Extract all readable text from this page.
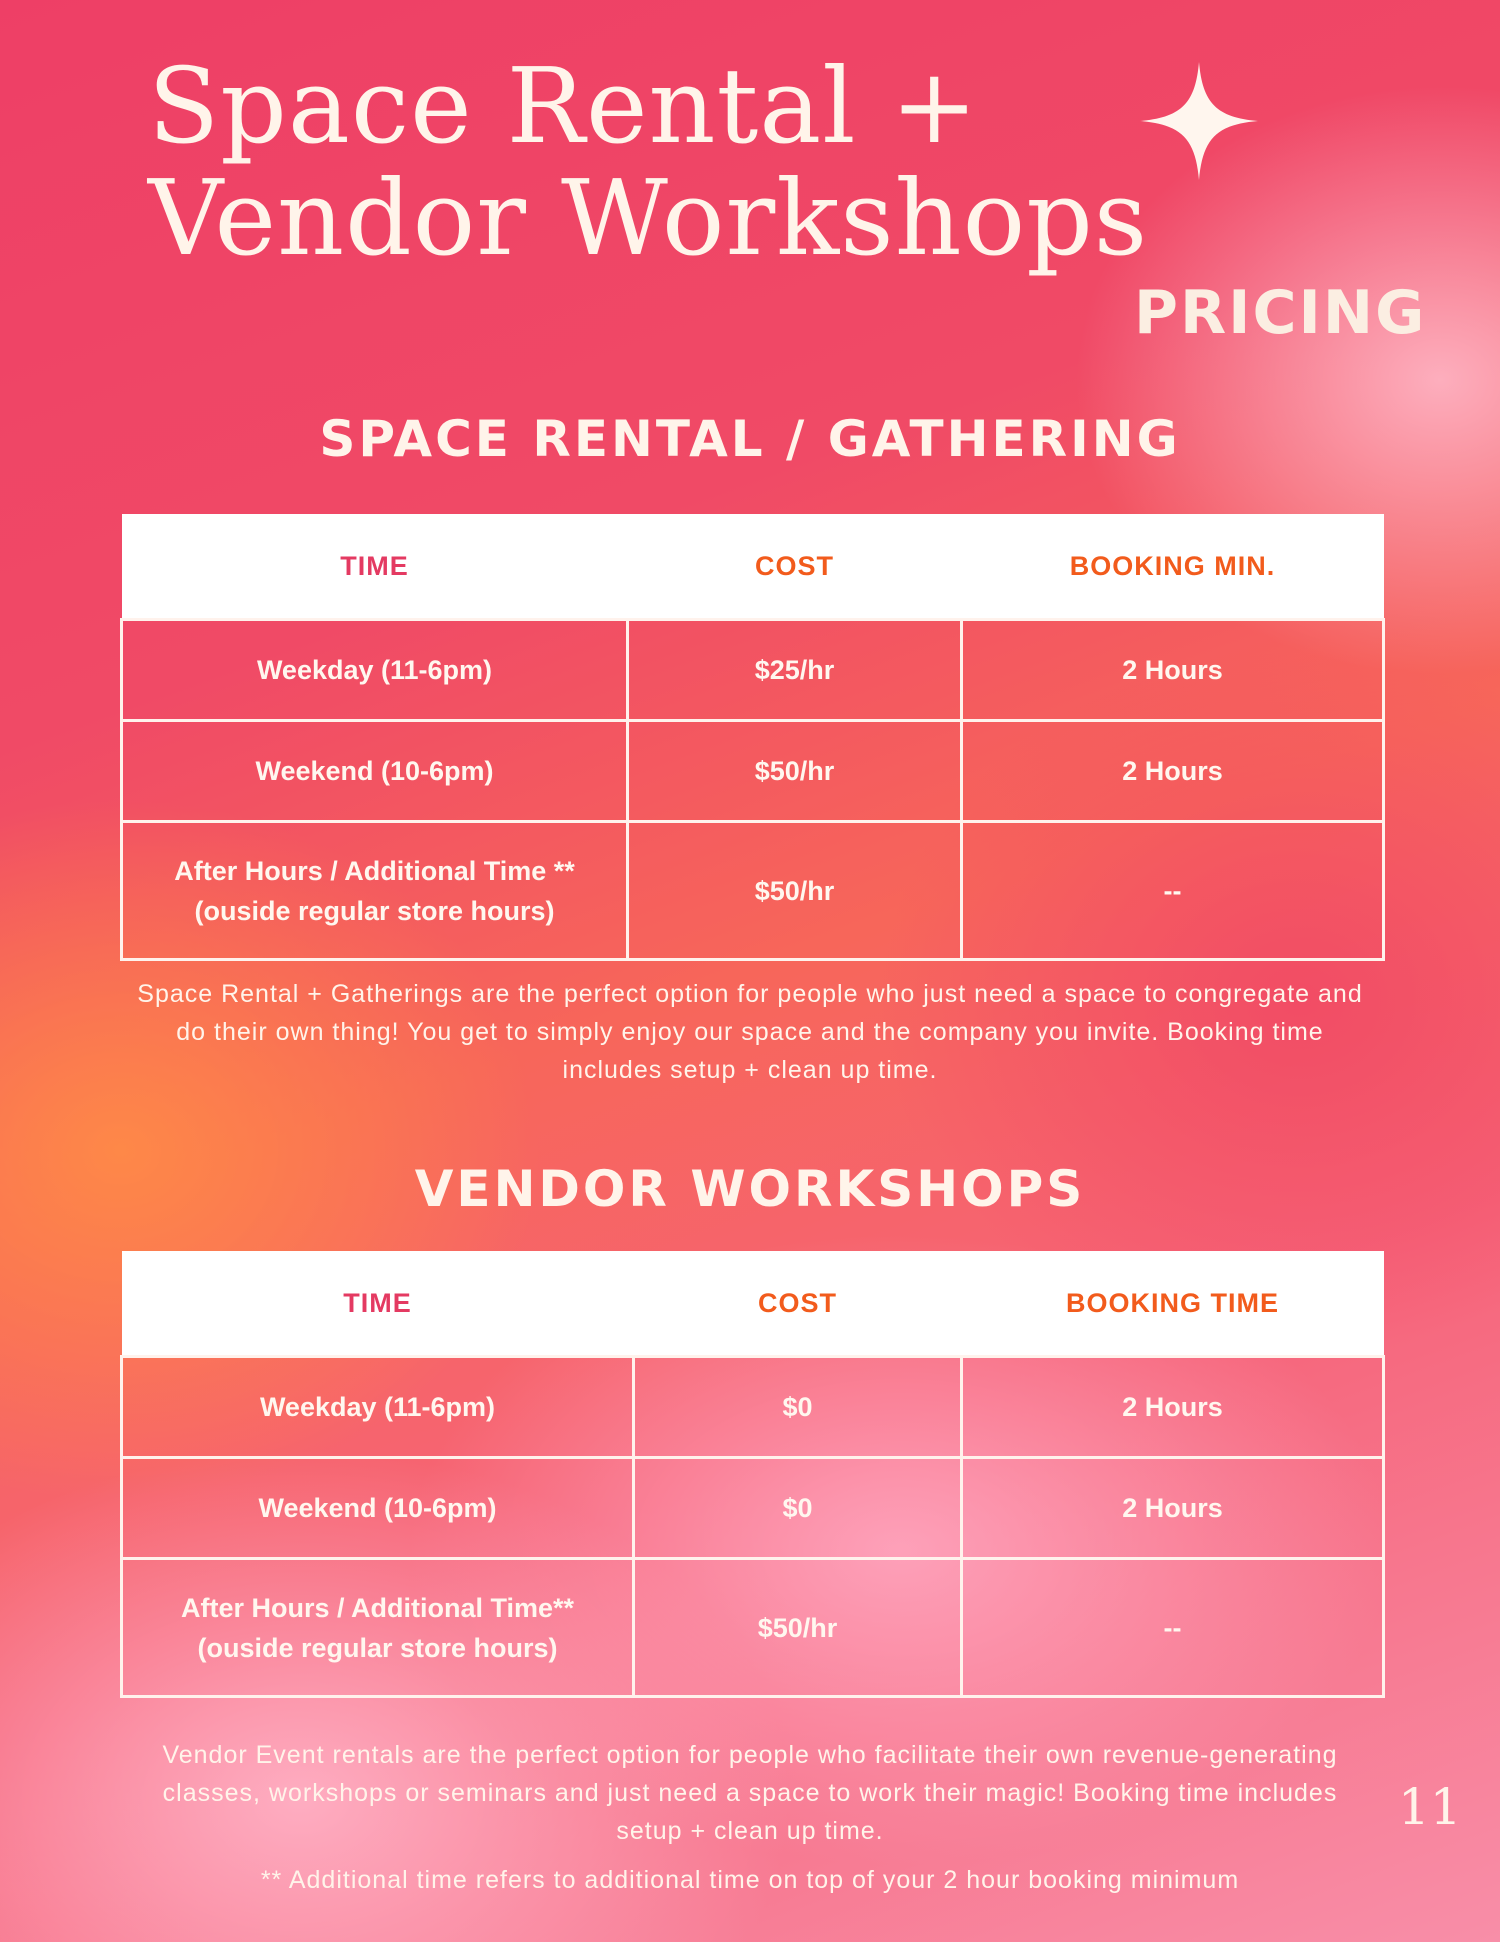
Space Rental +
Vendor Workshops
PRICING
SPACE RENTAL / GATHERING
TIME	COST	BOOKING MIN.
Weekday (11-6pm)	$25/hr	2 Hours
Weekend (10-6pm)	$50/hr	2 Hours
After Hours / Additional Time **
(ouside regular store hours)	$50/hr	--

Space Rental + Gatherings are the perfect option for people who just need a space to congregate and do their own thing! You get to simply enjoy our space and the company you invite. Booking time includes setup + clean up time.

VENDOR WORKSHOPS
TIME	COST	BOOKING TIME
Weekday (11-6pm)	$0	2 Hours
Weekend (10-6pm)	$0	2 Hours
After Hours / Additional Time**
(ouside regular store hours)	$50/hr	--

Vendor Event rentals are the perfect option for people who facilitate their own revenue-generating classes, workshops or seminars and just need a space to work their magic! Booking time includes setup + clean up time.	11

** Additional time refers to additional time on top of your 2 hour booking minimum
